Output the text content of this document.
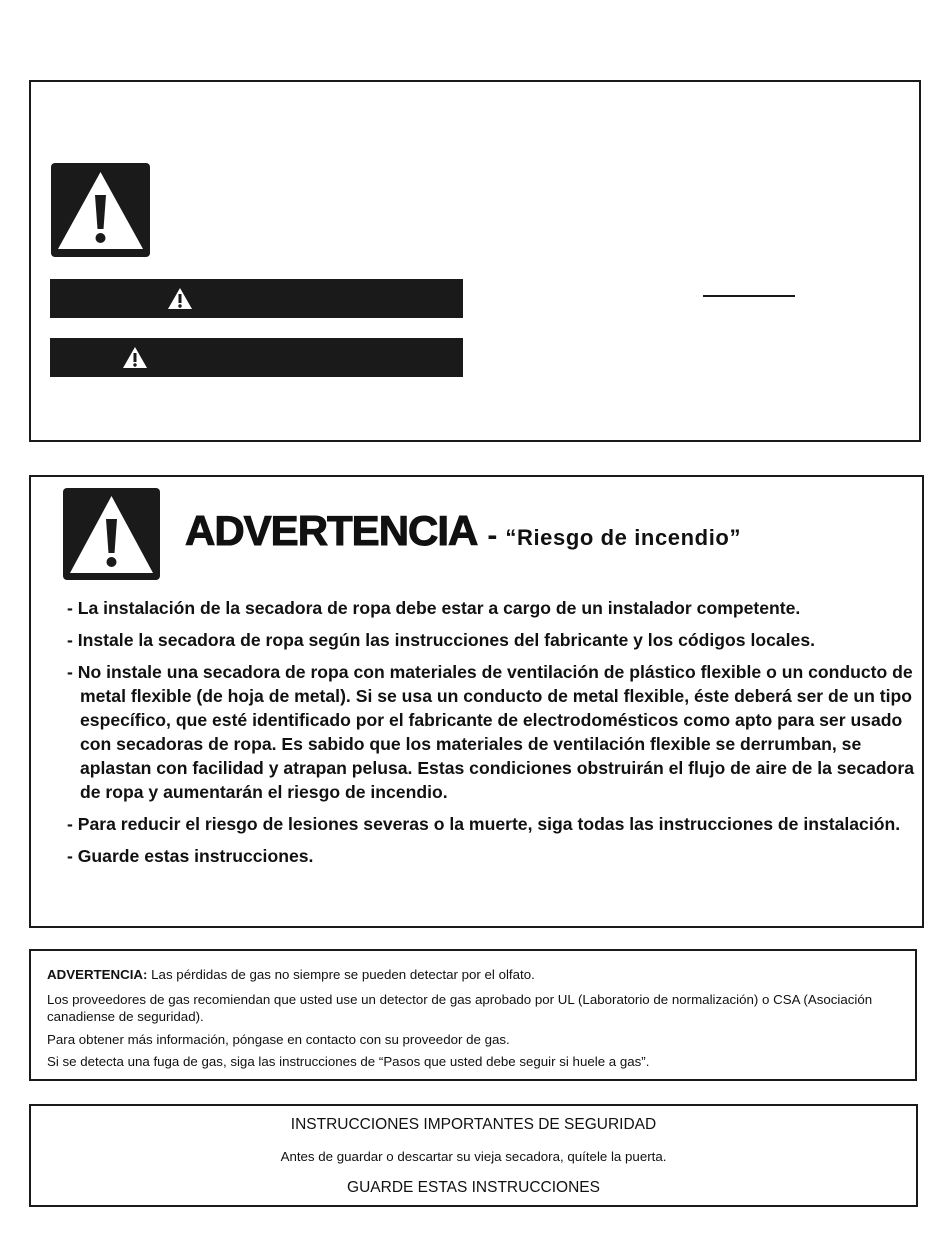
ADVERTENCIA - “Riesgo de incendio”
- La instalación de la secadora de ropa debe estar a cargo de un instalador competente.
- Instale la secadora de ropa según las instrucciones del fabricante y los códigos locales.
- No instale una secadora de ropa con materiales de ventilación de plástico flexible o un conducto de metal flexible (de hoja de metal). Si se usa un conducto de metal flexible, éste deberá ser de un tipo específico, que esté identificado por el fabricante de electrodomésticos como apto para ser usado con secadoras de ropa. Es sabido que los materiales de ventilación flexible se derrumban, se aplastan con facilidad y atrapan pelusa. Estas condiciones obstruirán el flujo de aire de la secadora de ropa y aumentarán el riesgo de incendio.
- Para reducir el riesgo de lesiones severas o la muerte, siga todas las instrucciones de instalación.
- Guarde estas instrucciones.
ADVERTENCIA: Las pérdidas de gas no siempre se pueden detectar por el olfato.
Los proveedores de gas recomiendan que usted use un detector de gas aprobado por UL (Laboratorio de normalización) o CSA (Asociación canadiense de seguridad).
Para obtener más información, póngase en contacto con su proveedor de gas.
Si se detecta una fuga de gas, siga las instrucciones de “Pasos que usted debe seguir si huele a gas”.
INSTRUCCIONES IMPORTANTES DE SEGURIDAD
Antes de guardar o descartar su vieja secadora, quítele la puerta.
GUARDE ESTAS INSTRUCCIONES
